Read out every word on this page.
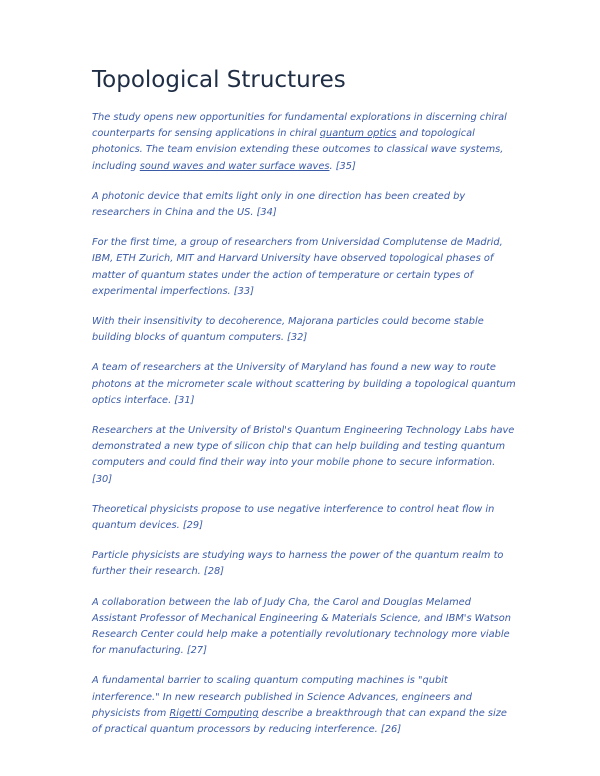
Topological Structures

The study opens new opportunities for fundamental explorations in discerning chiral counterparts for sensing applications in chiral quantum optics and topological photonics. The team envision extending these outcomes to classical wave systems, including sound waves and water surface waves. [35]

A photonic device that emits light only in one direction has been created by researchers in China and the US. [34]

For the first time, a group of researchers from Universidad Complutense de Madrid, IBM, ETH Zurich, MIT and Harvard University have observed topological phases of matter of quantum states under the action of temperature or certain types of experimental imperfections. [33]

With their insensitivity to decoherence, Majorana particles could become stable building blocks of quantum computers. [32]

A team of researchers at the University of Maryland has found a new way to route photons at the micrometer scale without scattering by building a topological quantum optics interface. [31]

Researchers at the University of Bristol's Quantum Engineering Technology Labs have demonstrated a new type of silicon chip that can help building and testing quantum computers and could find their way into your mobile phone to secure information. [30]

Theoretical physicists propose to use negative interference to control heat flow in quantum devices. [29]

Particle physicists are studying ways to harness the power of the quantum realm to further their research. [28]

A collaboration between the lab of Judy Cha, the Carol and Douglas Melamed Assistant Professor of Mechanical Engineering & Materials Science, and IBM's Watson Research Center could help make a potentially revolutionary technology more viable for manufacturing. [27]

A fundamental barrier to scaling quantum computing machines is "qubit interference." In new research published in Science Advances, engineers and physicists from Rigetti Computing describe a breakthrough that can expand the size of practical quantum processors by reducing interference. [26]
